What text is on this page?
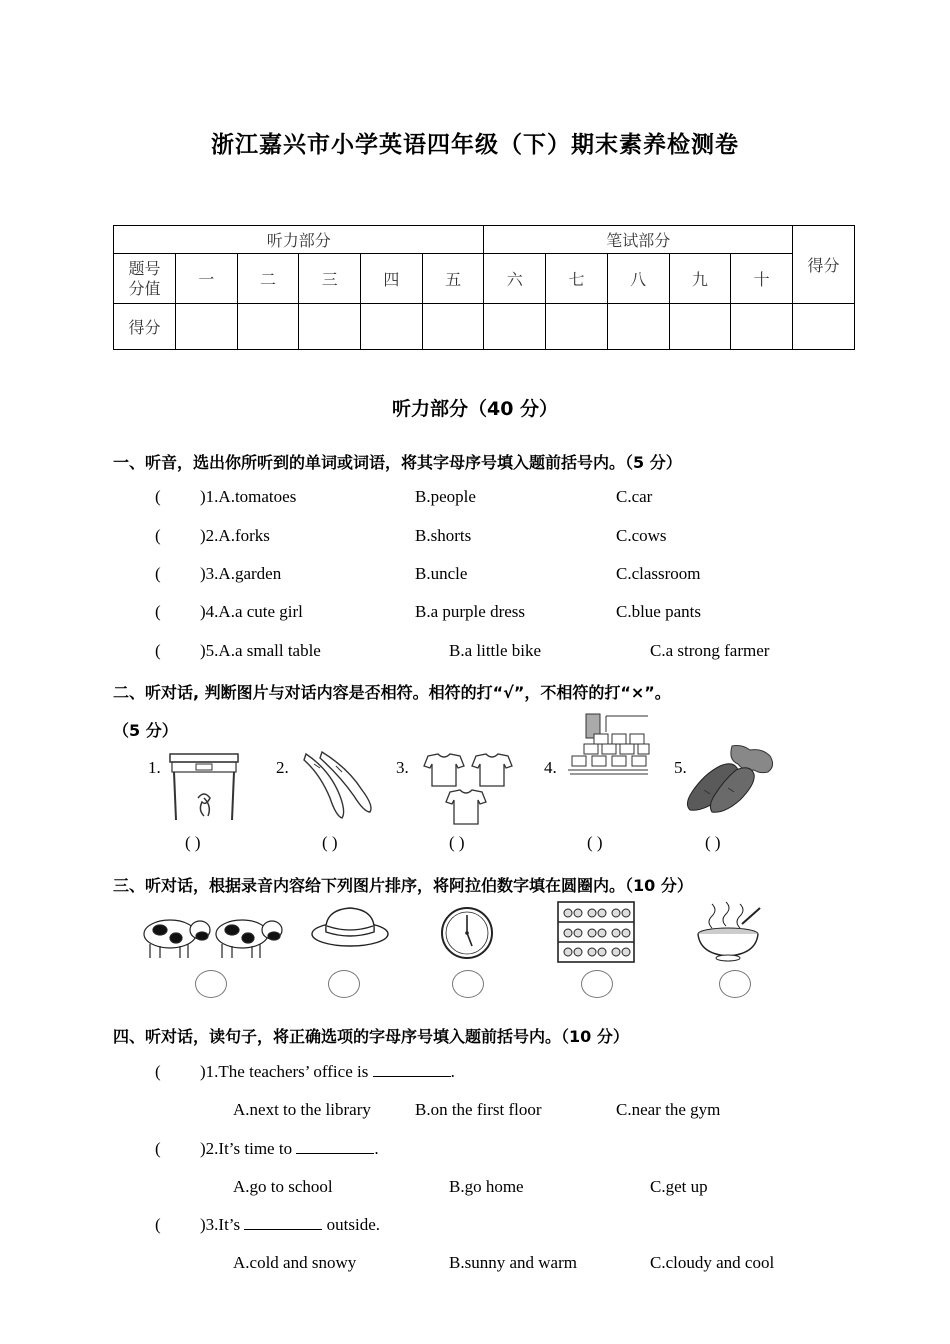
浙江嘉兴市小学英语四年级（下）期末素养检测卷
听力部分						笔试部分					得分
题号
分值	一	二	三	四	五	六	七	八	九	十	
得分											
听力部分（40 分）
一、听音，选出你所听到的单词或词语，将其字母序号填入题前括号内。（5 分）
( )1.A.tomatoes	B.people	C.car
( )2.A.forks	B.shorts	C.cows
( )3.A.garden	B.uncle	C.classroom
( )4.A.a cute girl	B.a purple dress	C.blue pants
( )5.A.a small table	B.a little bike	C.a strong farmer
二、听对话, 判断图片与对话内容是否相符。相符的打“√”，不相符的打“×”。
（5 分）
1.	2.	3.	4.	5.
( )	( )	( )	( )	( )
三、听对话，根据录音内容给下列图片排序，将阿拉伯数字填在圆圈内。（10 分）
四、听对话，读句子，将正确选项的字母序号填入题前括号内。（10 分）
( )1.The teachers’ office is	.
A.next to the library	B.on the first floor	C.near the gym
( )2.It’s time to	.
A.go to school	B.go home	C.get up
( )3.It’s	outside.
A.cold and snowy	B.sunny and warm	C.cloudy and cool
